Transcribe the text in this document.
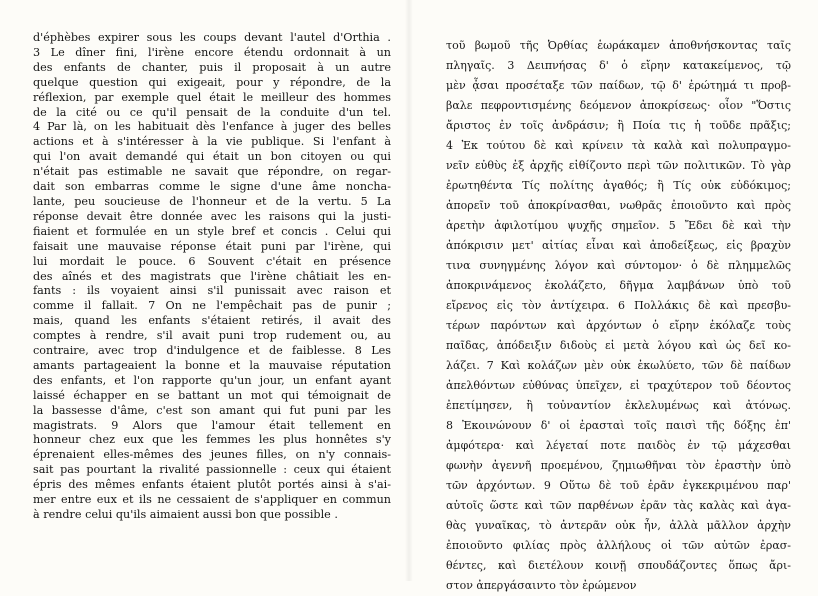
d'éphèbes expirer sous les coups devant l'autel d'Orthia .
3 Le dîner fini, l'irène encore étendu ordonnait à un
des enfants de chanter, puis il proposait à un autre
quelque question qui exigeait, pour y répondre, de la
réflexion, par exemple quel était le meilleur des hommes
de la cité ou ce qu'il pensait de la conduite d'un tel.
4 Par là, on les habituait dès l'enfance à juger des belles
actions et à s'intéresser à la vie publique. Si l'enfant à
qui l'on avait demandé qui était un bon citoyen ou qui
n'était pas estimable ne savait que répondre, on regar-
dait son embarras comme le signe d'une âme noncha-
lante, peu soucieuse de l'honneur et de la vertu. 5 La
réponse devait être donnée avec les raisons qui la justi-
fiaient et formulée en un style bref et concis . Celui qui
faisait une mauvaise réponse était puni par l'irène, qui
lui mordait le pouce. 6 Souvent c'était en présence
des aînés et des magistrats que l'irène châtiait les en-
fants : ils voyaient ainsi s'il punissait avec raison et
comme il fallait. 7 On ne l'empêchait pas de punir ;
mais, quand les enfants s'étaient retirés, il avait des
comptes à rendre, s'il avait puni trop rudement ou, au
contraire, avec trop d'indulgence et de faiblesse. 8 Les
amants partageaient la bonne et la mauvaise réputation
des enfants, et l'on rapporte qu'un jour, un enfant ayant
laissé échapper en se battant un mot qui témoignait de
la bassesse d'âme, c'est son amant qui fut puni par les
magistrats. 9 Alors que l'amour était tellement en
honneur chez eux que les femmes les plus honnêtes s'y
éprenaient elles-mêmes des jeunes filles, on n'y connais-
sait pas pourtant la rivalité passionnelle : ceux qui étaient
épris des mêmes enfants étaient plutôt portés ainsi à s'ai-
mer entre eux et ils ne cessaient de s'appliquer en commun
à rendre celui qu'ils aimaient aussi bon que possible .
τοῦ βωμοῦ τῆς Ὀρθίας ἑωράκαμεν ἀποθνήσκοντας ταῖς
πληγαῖς. 3 Δειπνήσας δ' ὁ εἴρην κατακείμενος, τῷ
μὲν ᾆσαι προσέταξε τῶν παίδων, τῷ δ' ἐρώτημά τι προβ-
βαλε πεφροντισμένης δεόμενον ἀποκρίσεως· οἷον "Ὅστις
ἄριστος ἐν τοῖς ἀνδράσιν; ἢ Ποία τις ἡ τοῦδε πρᾶξις;
4 Ἐκ τούτου δὲ καὶ κρίνειν τὰ καλὰ καὶ πολυπραγμο-
νεῖν εὐθὺς ἐξ ἀρχῆς εἰθίζοντο περὶ τῶν πολιτικῶν. Τὸ γὰρ
ἐρωτηθέντα Τίς πολίτης ἀγαθός; ἢ Τίς οὐκ εὐδόκιμος;
ἀπορεῖν τοῦ ἀποκρίνασθαι, νωθρᾶς ἐποιοῦντο καὶ πρὸς
ἀρετὴν ἀφιλοτίμου ψυχῆς σημεῖον. 5 Ἔδει δὲ καὶ τὴν
ἀπόκρισιν μετ' αἰτίας εἶναι καὶ ἀποδείξεως, εἰς βραχὺν
τινα συνηγμένης λόγον καὶ σύντομον· ὁ δὲ πλημμελῶς
ἀποκρινάμενος ἐκολάζετο, δῆγμα λαμβάνων ὑπὸ τοῦ
εἴρενος εἰς τὸν ἀντίχειρα. 6 Πολλάκις δὲ καὶ πρεσβυ-
τέρων παρόντων καὶ ἀρχόντων ὁ εἴρην ἐκόλαζε τοὺς
παῖδας, ἀπόδειξιν διδοὺς εἰ μετὰ λόγου καὶ ὡς δεῖ κο-
λάζει. 7 Καὶ κολάζων μὲν οὐκ ἐκωλύετο, τῶν δὲ παίδων
ἀπελθόντων εὐθύνας ὑπεῖχεν, εἰ τραχύτερον τοῦ δέοντος
ἐπετίμησεν, ἢ τοὐναντίον ἐκλελυμένως καὶ ἀτόνως.
8 Ἐκοινώνουν δ' οἱ ἐρασταὶ τοῖς παισὶ τῆς δόξης ἐπ'
ἀμφότερα· καὶ λέγεταί ποτε παιδὸς ἐν τῷ μάχεσθαι
φωνὴν ἀγεννῆ προεμένου, ζημιωθῆναι τὸν ἐραστὴν ὑπὸ
τῶν ἀρχόντων. 9 Οὕτω δὲ τοῦ ἐρᾶν ἐγκεκριμένου παρ'
αὐτοῖς ὥστε καὶ τῶν παρθένων ἐρᾶν τὰς καλὰς καὶ ἀγα-
θὰς γυναῖκας, τὸ ἀντερᾶν οὐκ ἦν, ἀλλὰ μᾶλλον ἀρχὴν
ἐποιοῦντο φιλίας πρὸς ἀλλήλους οἱ τῶν αὐτῶν ἐρασ-
θέντες, καὶ διετέλουν κοινῇ σπουδάζοντες ὅπως ἄρι-
στον ἀπεργάσαιντο τὸν ἐρώμενον
